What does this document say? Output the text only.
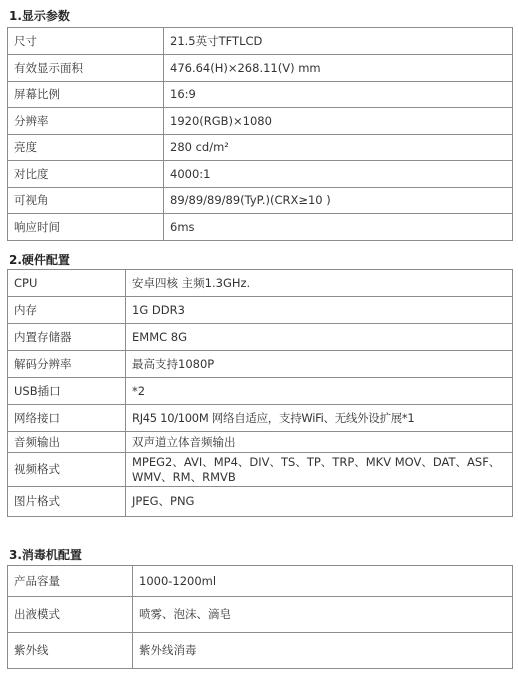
1.显示参数
尺寸	21.5英寸TFTLCD
有效显示面积	476.64(H)×268.11(V) mm
屏幕比例	16:9
分辨率	1920(RGB)×1080
亮度	280 cd/m²
对比度	4000:1
可视角	89/89/89/89(TyP.)(CRX≥10 )
响应时间	6ms
2.硬件配置
CPU	安卓四核 主频1.3GHz.
内存	1G DDR3
内置存储器	EMMC 8G
解码分辨率	最高支持1080P
USB插口	*2
网络接口	RJ45 10/100M 网络自适应，支持WiFi、无线外设扩展*1
音频输出	双声道立体音频输出
视频格式	MPEG2、AVI、MP4、DIV、TS、TP、TRP、MKV MOV、DAT、ASF、WMV、RM、RMVB
图片格式	JPEG、PNG
3.消毒机配置
产品容量	1000-1200ml
出液模式	喷雾、泡沫、滴皂
紫外线	紫外线消毒
